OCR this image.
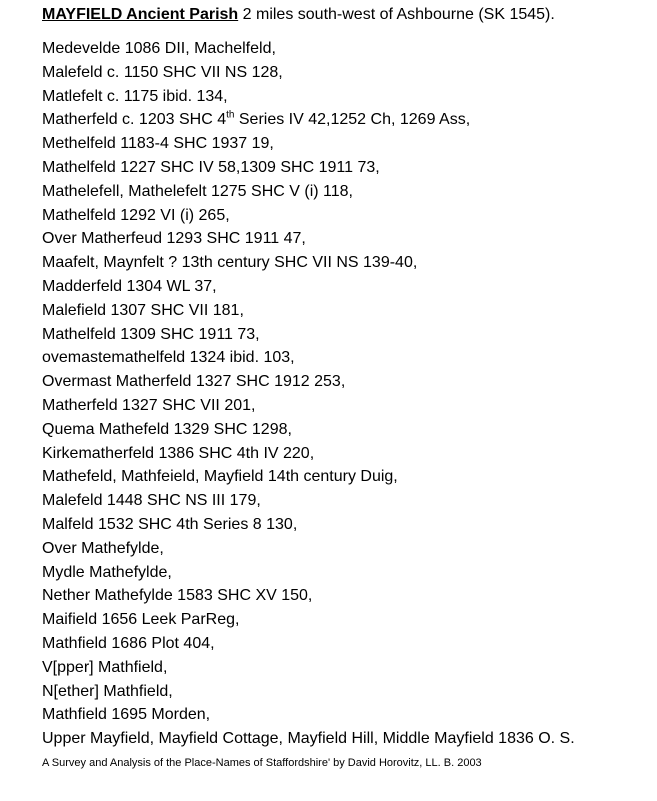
MAYFIELD Ancient Parish 2 miles south-west of Ashbourne (SK 1545).
Medevelde 1086 DII, Machelfeld,
Malefeld c. 1150 SHC VII NS 128,
Matlefelt c. 1175 ibid. 134,
Matherfeld c. 1203 SHC 4th Series IV 42,1252 Ch, 1269 Ass,
Methelfeld 1183-4 SHC 1937 19,
Mathelfeld 1227 SHC IV 58,1309 SHC 1911 73,
Mathelefell, Mathelefelt 1275 SHC V (i) 118,
Mathelfeld 1292 VI (i) 265,
Over Matherfeud 1293 SHC 1911 47,
Maafelt, Maynfelt ? 13th century SHC VII NS 139-40,
Madderfeld 1304 WL 37,
Malefield 1307 SHC VII 181,
Mathelfeld 1309 SHC 1911 73,
ovemastemathelfeld 1324 ibid. 103,
Overmast Matherfeld 1327 SHC 1912 253,
Matherfeld 1327 SHC VII 201,
Quema Mathefeld 1329 SHC 1298,
Kirkematherfeld 1386 SHC 4th IV 220,
Mathefeld, Mathfeield, Mayfield 14th century Duig,
Malefeld 1448 SHC NS III 179,
Malfeld 1532 SHC 4th Series 8 130,
Over Mathefylde,
Mydle Mathefylde,
Nether Mathefylde 1583 SHC XV 150,
Maifield 1656 Leek ParReg,
Mathfield 1686 Plot 404,
V[pper] Mathfield,
N[ether] Mathfield,
Mathfield 1695 Morden,
Upper Mayfield, Mayfield Cottage, Mayfield Hill, Middle Mayfield 1836 O. S.
A Survey and Analysis of the Place-Names of Staffordshire' by David Horovitz, LL. B. 2003
